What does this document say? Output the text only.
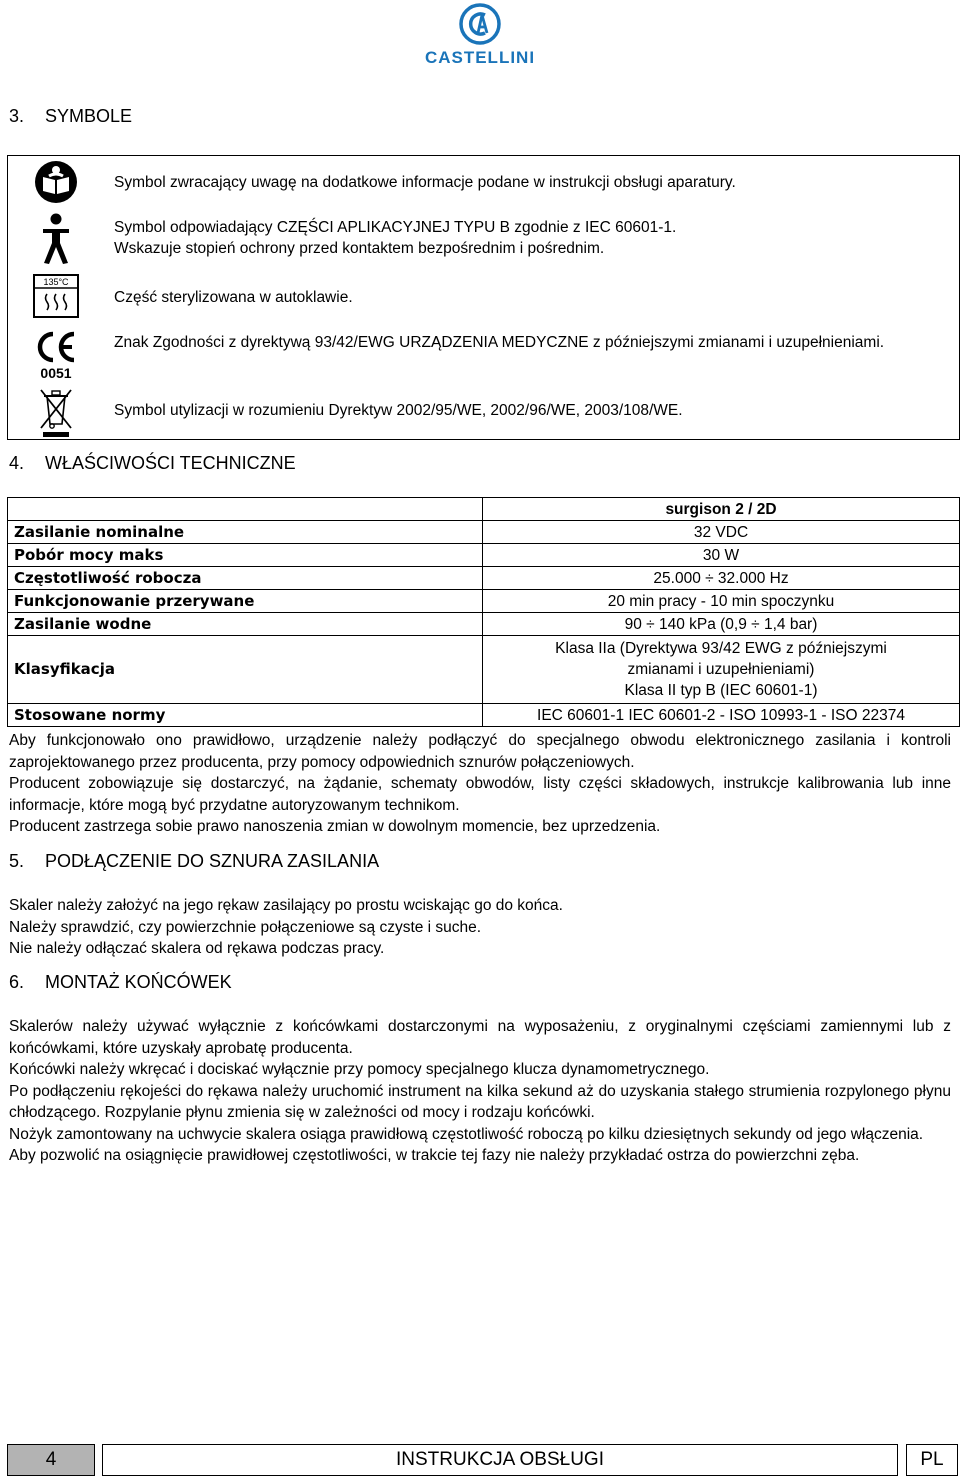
CASTELLINI
3. SYMBOLE
Symbol zwracający uwagę na dodatkowe informacje podane w instrukcji obsługi aparatury.
Symbol odpowiadający CZĘŚCI APLIKACYJNEJ TYPU B zgodnie z IEC 60601-1.
Wskazuje stopień ochrony przed kontaktem bezpośrednim i pośrednim.
135°C
Część sterylizowana w autoklawie.
0051
Znak Zgodności z dyrektywą 93/42/EWG URZĄDZENIA MEDYCZNE z późniejszymi zmianami i uzupełnieniami.
Symbol utylizacji w rozumieniu Dyrektyw 2002/95/WE, 2002/96/WE, 2003/108/WE.
4. WŁAŚCIWOŚCI TECHNICZNE
	surgison 2 / 2D
Zasilanie nominalne	32 VDC
Pobór mocy maks	30 W
Częstotliwość robocza	25.000 ÷ 32.000 Hz
Funkcjonowanie przerywane	20 min pracy - 10 min spoczynku
Zasilanie wodne	90 ÷ 140 kPa (0,9 ÷ 1,4 bar)
Klasyfikacja	Klasa IIa (Dyrektywa 93/42 EWG z późniejszymi
zmianami i uzupełnieniami)
Klasa II typ B (IEC 60601-1)

Stosowane normy	IEC 60601-1 IEC 60601-2 - ISO 10993-1 - ISO 22374

Aby funkcjonowało ono prawidłowo, urządzenie należy podłączyć do specjalnego obwodu elektronicznego zasilania i kontroli zaprojektowanego przez producenta, przy pomocy odpowiednich sznurów połączeniowych.

Producent zobowiązuje się dostarczyć, na żądanie, schematy obwodów, listy części składowych, instrukcje kalibrowania lub inne informacje, które mogą być przydatne autoryzowanym technikom.

Producent zastrzega sobie prawo nanoszenia zmian w dowolnym momencie, bez uprzedzenia.

5. PODŁĄCZENIE DO SZNURA ZASILANIA

Skaler należy założyć na jego rękaw zasilający po prostu wciskając go do końca.

Należy sprawdzić, czy powierzchnie połączeniowe są czyste i suche.

Nie należy odłączać skalera od rękawa podczas pracy.

6. MONTAŻ KOŃCÓWEK

Skalerów należy używać wyłącznie z końcówkami dostarczonymi na wyposażeniu, z oryginalnymi częściami zamiennymi lub z końcówkami, które uzyskały aprobatę producenta.

Końcówki należy wkręcać i dociskać wyłącznie przy pomocy specjalnego klucza dynamometrycznego.

Po podłączeniu rękojeści do rękawa należy uruchomić instrument na kilka sekund aż do uzyskania stałego strumienia rozpylonego płynu chłodzącego. Rozpylanie płynu zmienia się w zależności od mocy i rodzaju końcówki.

Nożyk zamontowany na uchwycie skalera osiąga prawidłową częstotliwość roboczą po kilku dziesiętnych sekundy od jego włączenia.

Aby pozwolić na osiągnięcie prawidłowej częstotliwości, w trakcie tej fazy nie należy przykładać ostrza do powierzchni zęba.

4	INSTRUKCJA OBSŁUGI	PL
